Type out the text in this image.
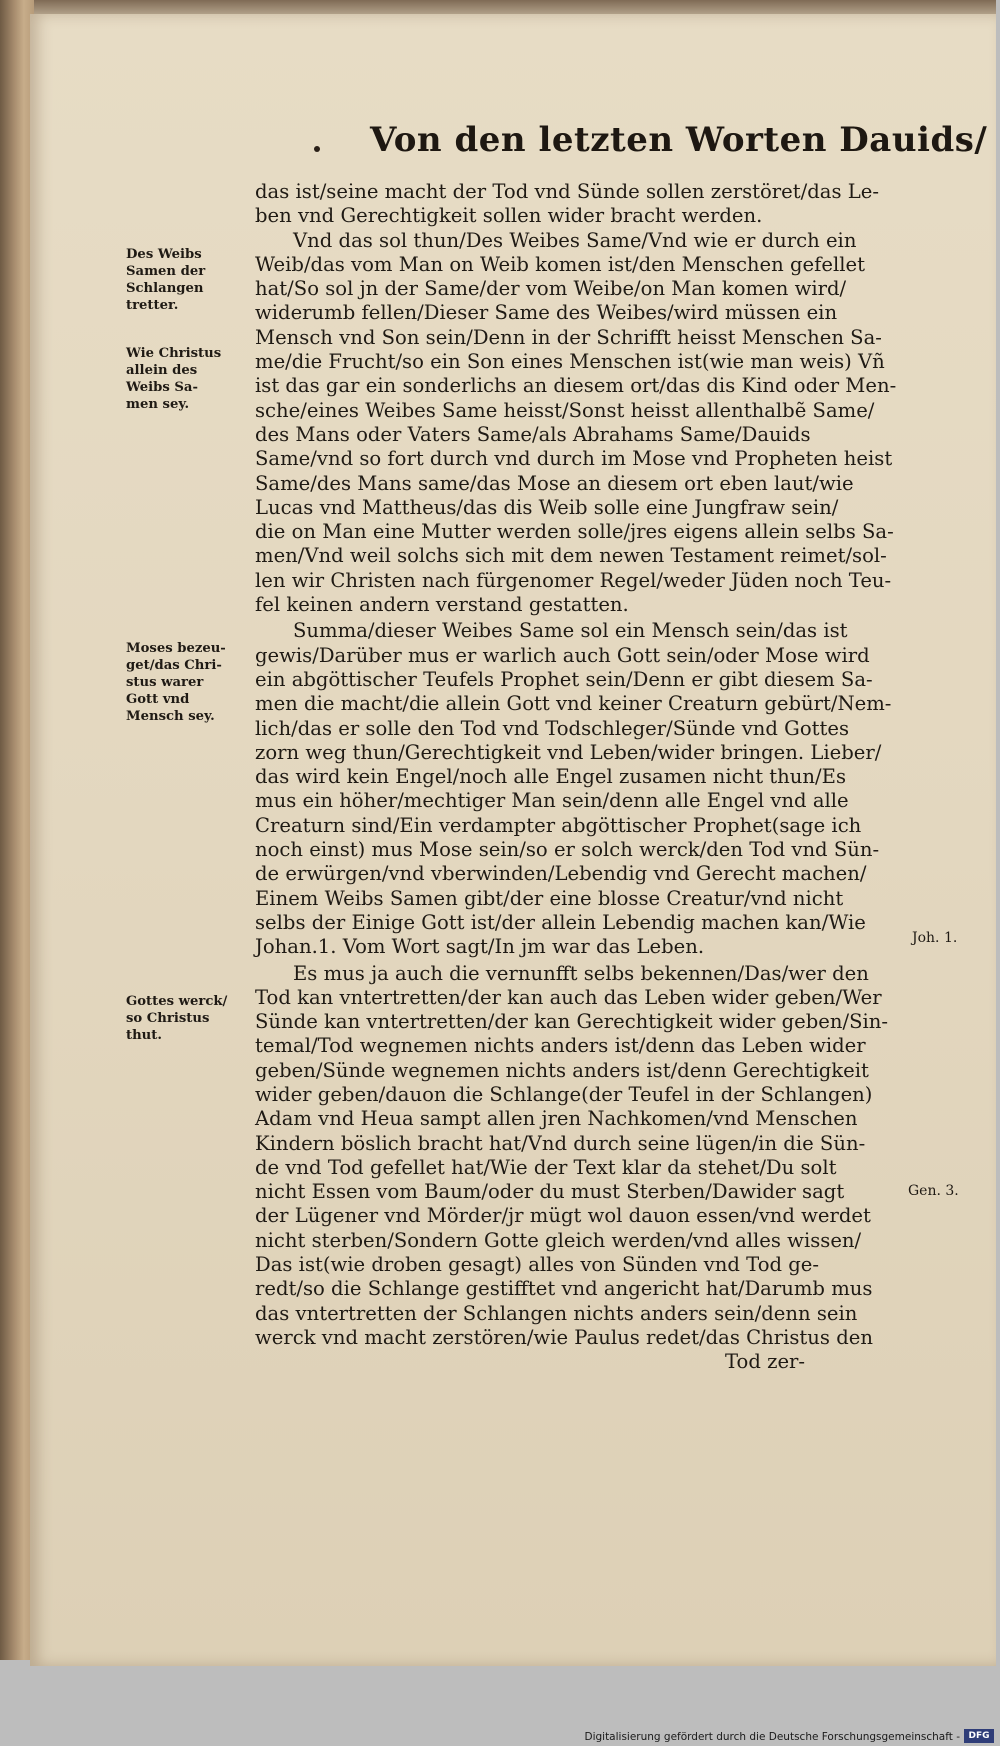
Von den letzten Worten Dauids/
das ist/seine macht der Tod vnd Sünde sollen zerstöret/das Le-
ben vnd Gerechtigkeit sollen wider bracht werden.
Vnd das sol thun/Des Weibes Same/Vnd wie er durch ein
Weib/das vom Man on Weib komen ist/den Menschen gefellet
hat/So sol jn der Same/der vom Weibe/on Man komen wird/
widerumb fellen/Dieser Same des Weibes/wird müssen ein
Mensch vnd Son sein/Denn in der Schrifft heisst Menschen Sa-
me/die Frucht/so ein Son eines Menschen ist(wie man weis) Vñ
ist das gar ein sonderlichs an diesem ort/das dis Kind oder Men-
sche/eines Weibes Same heisst/Sonst heisst allenthalbẽ Same/
des Mans oder Vaters Same/als Abrahams Same/Dauids
Same/vnd so fort durch vnd durch im Mose vnd Propheten heist
Same/des Mans same/das Mose an diesem ort eben laut/wie
Lucas vnd Mattheus/das dis Weib solle eine Jungfraw sein/
die on Man eine Mutter werden solle/jres eigens allein selbs Sa-
men/Vnd weil solchs sich mit dem newen Testament reimet/sol-
len wir Christen nach fürgenomer Regel/weder Jüden noch Teu-
fel keinen andern verstand gestatten.
Summa/dieser Weibes Same sol ein Mensch sein/das ist
gewis/Darüber mus er warlich auch Gott sein/oder Mose wird
ein abgöttischer Teufels Prophet sein/Denn er gibt diesem Sa-
men die macht/die allein Gott vnd keiner Creaturn gebürt/Nem-
lich/das er solle den Tod vnd Todschleger/Sünde vnd Gottes
zorn weg thun/Gerechtigkeit vnd Leben/wider bringen. Lieber/
das wird kein Engel/noch alle Engel zusamen nicht thun/Es
mus ein höher/mechtiger Man sein/denn alle Engel vnd alle
Creaturn sind/Ein verdampter abgöttischer Prophet(sage ich
noch einst) mus Mose sein/so er solch werck/den Tod vnd Sün-
de erwürgen/vnd vberwinden/Lebendig vnd Gerecht machen/
Einem Weibs Samen gibt/der eine blosse Creatur/vnd nicht
selbs der Einige Gott ist/der allein Lebendig machen kan/Wie
Johan.1. Vom Wort sagt/In jm war das Leben.
Es mus ja auch die vernunfft selbs bekennen/Das/wer den
Tod kan vntertretten/der kan auch das Leben wider geben/Wer
Sünde kan vntertretten/der kan Gerechtigkeit wider geben/Sin-
temal/Tod wegnemen nichts anders ist/denn das Leben wider
geben/Sünde wegnemen nichts anders ist/denn Gerechtigkeit
wider geben/dauon die Schlange(der Teufel in der Schlangen)
Adam vnd Heua sampt allen jren Nachkomen/vnd Menschen
Kindern böslich bracht hat/Vnd durch seine lügen/in die Sün-
de vnd Tod gefellet hat/Wie der Text klar da stehet/Du solt
nicht Essen vom Baum/oder du must Sterben/Dawider sagt
der Lügener vnd Mörder/jr mügt wol dauon essen/vnd werdet
nicht sterben/Sondern Gotte gleich werden/vnd alles wissen/
Das ist(wie droben gesagt) alles von Sünden vnd Tod ge-
redt/so die Schlange gestifftet vnd angericht hat/Darumb mus
das vntertretten der Schlangen nichts anders sein/denn sein
werck vnd macht zerstören/wie Paulus redet/das Christus den
Tod zer-
Des Weibs
Samen der
Schlangen
tretter.
Wie Christus
allein des
Weibs Sa-
men sey.
Moses bezeu-
get/das Chri-
stus warer
Gott vnd
Mensch sey.
Gottes werck/
so Christus
thut.
Joh. 1.
Gen. 3.
Digitalisierung gefördert durch die Deutsche Forschungsgemeinschaft - DFG
